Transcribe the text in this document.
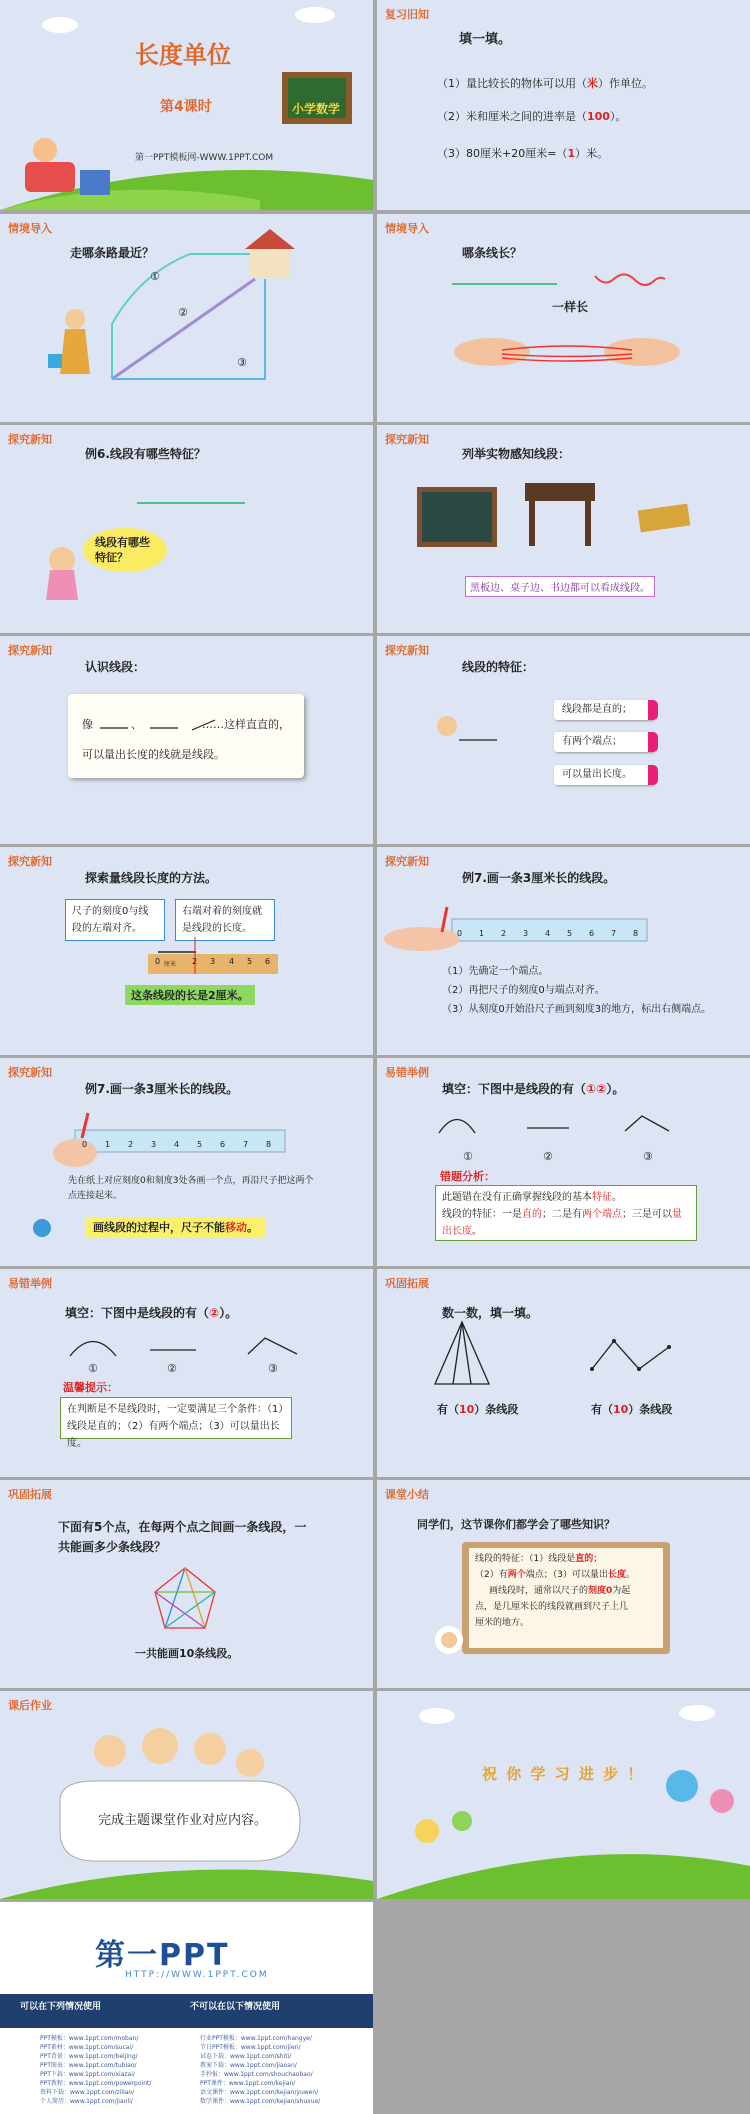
长度单位
第4课时	小学数学
第一PPT模板网-WWW.1PPT.COM
复习旧知
填一填。
（1）量比较长的物体可以用（米）作单位。
（2）米和厘米之间的进率是（100）。
（3）80厘米+20厘米=（1）米。
情境导入
走哪条路最近？
①
②
③
情境导入
哪条线长？
一样长
探究新知
例6.线段有哪些特征？
线段有哪些特征？
探究新知
列举实物感知线段：
黑板边、桌子边、书边都可以看成线段。
探究新知
认识线段：
像	、	……这样直直的，
可以量出长度的线就是线段。
探究新知
线段的特征：
线段都是直的；
有两个端点；
可以量出长度。
探究新知
探索量线段长度的方法。
尺子的刻度0与线段的左端对齐。
右端对着的刻度就是线段的长度。
0 厘米 2 3 4 5 6
这条线段的长是2厘米。
探究新知
例7.画一条3厘米长的线段。
0 1 2 3 4 5 6 7 8
（1）先确定一个端点。
（2）再把尺子的刻度0与端点对齐。
（3）从刻度0开始沿尺子画到刻度3的地方，标出右侧端点。
探究新知
例7.画一条3厘米长的线段。
0 1 2 3 4 5 6 7 8
先在纸上对应刻度0和刻度3处各画一个点，再沿尺子把这两个点连接起来。
画线段的过程中，尺子不能移动。
易错举例
填空：下图中是线段的有（①②）。
①	②	③
错题分析：
此题错在没有正确掌握线段的基本特征。
线段的特征：一是直的；二是有两个端点；三是可以量出长度。
易错举例
填空：下图中是线段的有（②）。
①	②	③
温馨提示：
在判断是不是线段时，一定要满足三个条件：（1）线段是直的；（2）有两个端点；（3）可以量出长度。
巩固拓展
数一数，填一填。
有（10）条线段	有（10）条线段
巩固拓展
下面有5个点，在每两个点之间画一条线段，一
共能画多少条线段？
一共能画10条线段。
课堂小结
同学们，这节课你们都学会了哪些知识？
线段的特征：（1）线段是直的；
（2）有两个端点；（3）可以量出长度。
画线段时，通常以尺子的刻度0为起
点，是几厘米长的线段就画到尺子上几
厘米的地方。
课后作业
完成主题课堂作业对应内容。
祝 你 学 习 进 步 ！
第一PPT
HTTP://WWW.1PPT.COM
可以在下列情况使用	不可以在以下情况使用
PPT模板：www.1ppt.com/moban/
PPT素材：www.1ppt.com/sucai/
PPT背景：www.1ppt.com/beijing/
PPT图表：www.1ppt.com/tubiao/
PPT下载：www.1ppt.com/xiazai/
PPT教程：www.1ppt.com/powerpoint/
资料下载：www.1ppt.com/ziliao/
个人简历：www.1ppt.com/jianli/
行业PPT模板：www.1ppt.com/hangye/
节日PPT模板：www.1ppt.com/jieri/
试卷下载：www.1ppt.com/shiti/
教案下载：www.1ppt.com/jiaoan/
手抄报：www.1ppt.com/shouchaobao/
PPT课件：www.1ppt.com/kejian/
语文课件：www.1ppt.com/kejian/yuwen/
数学课件：www.1ppt.com/kejian/shuxue/
